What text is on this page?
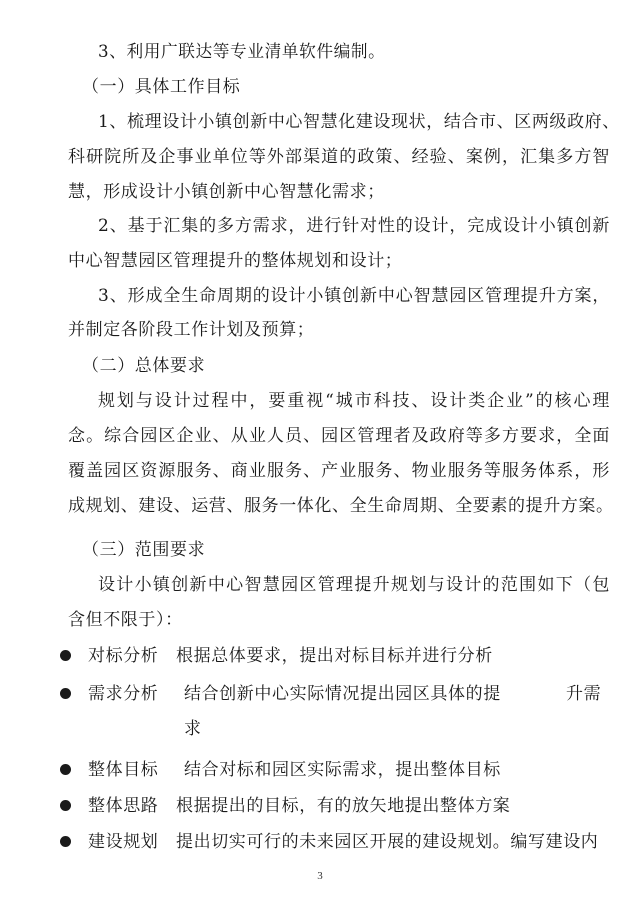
3、利用广联达等专业清单软件编制。
（一）具体工作目标
1、梳理设计小镇创新中心智慧化建设现状，结合市、区两级政府、
科研院所及企事业单位等外部渠道的政策、经验、案例，汇集多方智
慧，形成设计小镇创新中心智慧化需求；
2、基于汇集的多方需求，进行针对性的设计，完成设计小镇创新
中心智慧园区管理提升的整体规划和设计；
3、形成全生命周期的设计小镇创新中心智慧园区管理提升方案，
并制定各阶段工作计划及预算；
（二）总体要求
规划与设计过程中，要重视“城市科技、设计类企业”的核心理
念。综合园区企业、从业人员、园区管理者及政府等多方要求，全面
覆盖园区资源服务、商业服务、产业服务、物业服务等服务体系，形
成规划、建设、运营、服务一体化、全生命周期、全要素的提升方案。
（三）范围要求
设计小镇创新中心智慧园区管理提升规划与设计的范围如下（包
含但不限于）：
对标分析 根据总体要求，提出对标目标并进行分析
需求分析 结合创新中心实际情况提出园区具体的提	升需
求
整体目标 结合对标和园区实际需求，提出整体目标
整体思路 根据提出的目标，有的放矢地提出整体方案
建设规划 提出切实可行的未来园区开展的建设规划。编写建设内
3
